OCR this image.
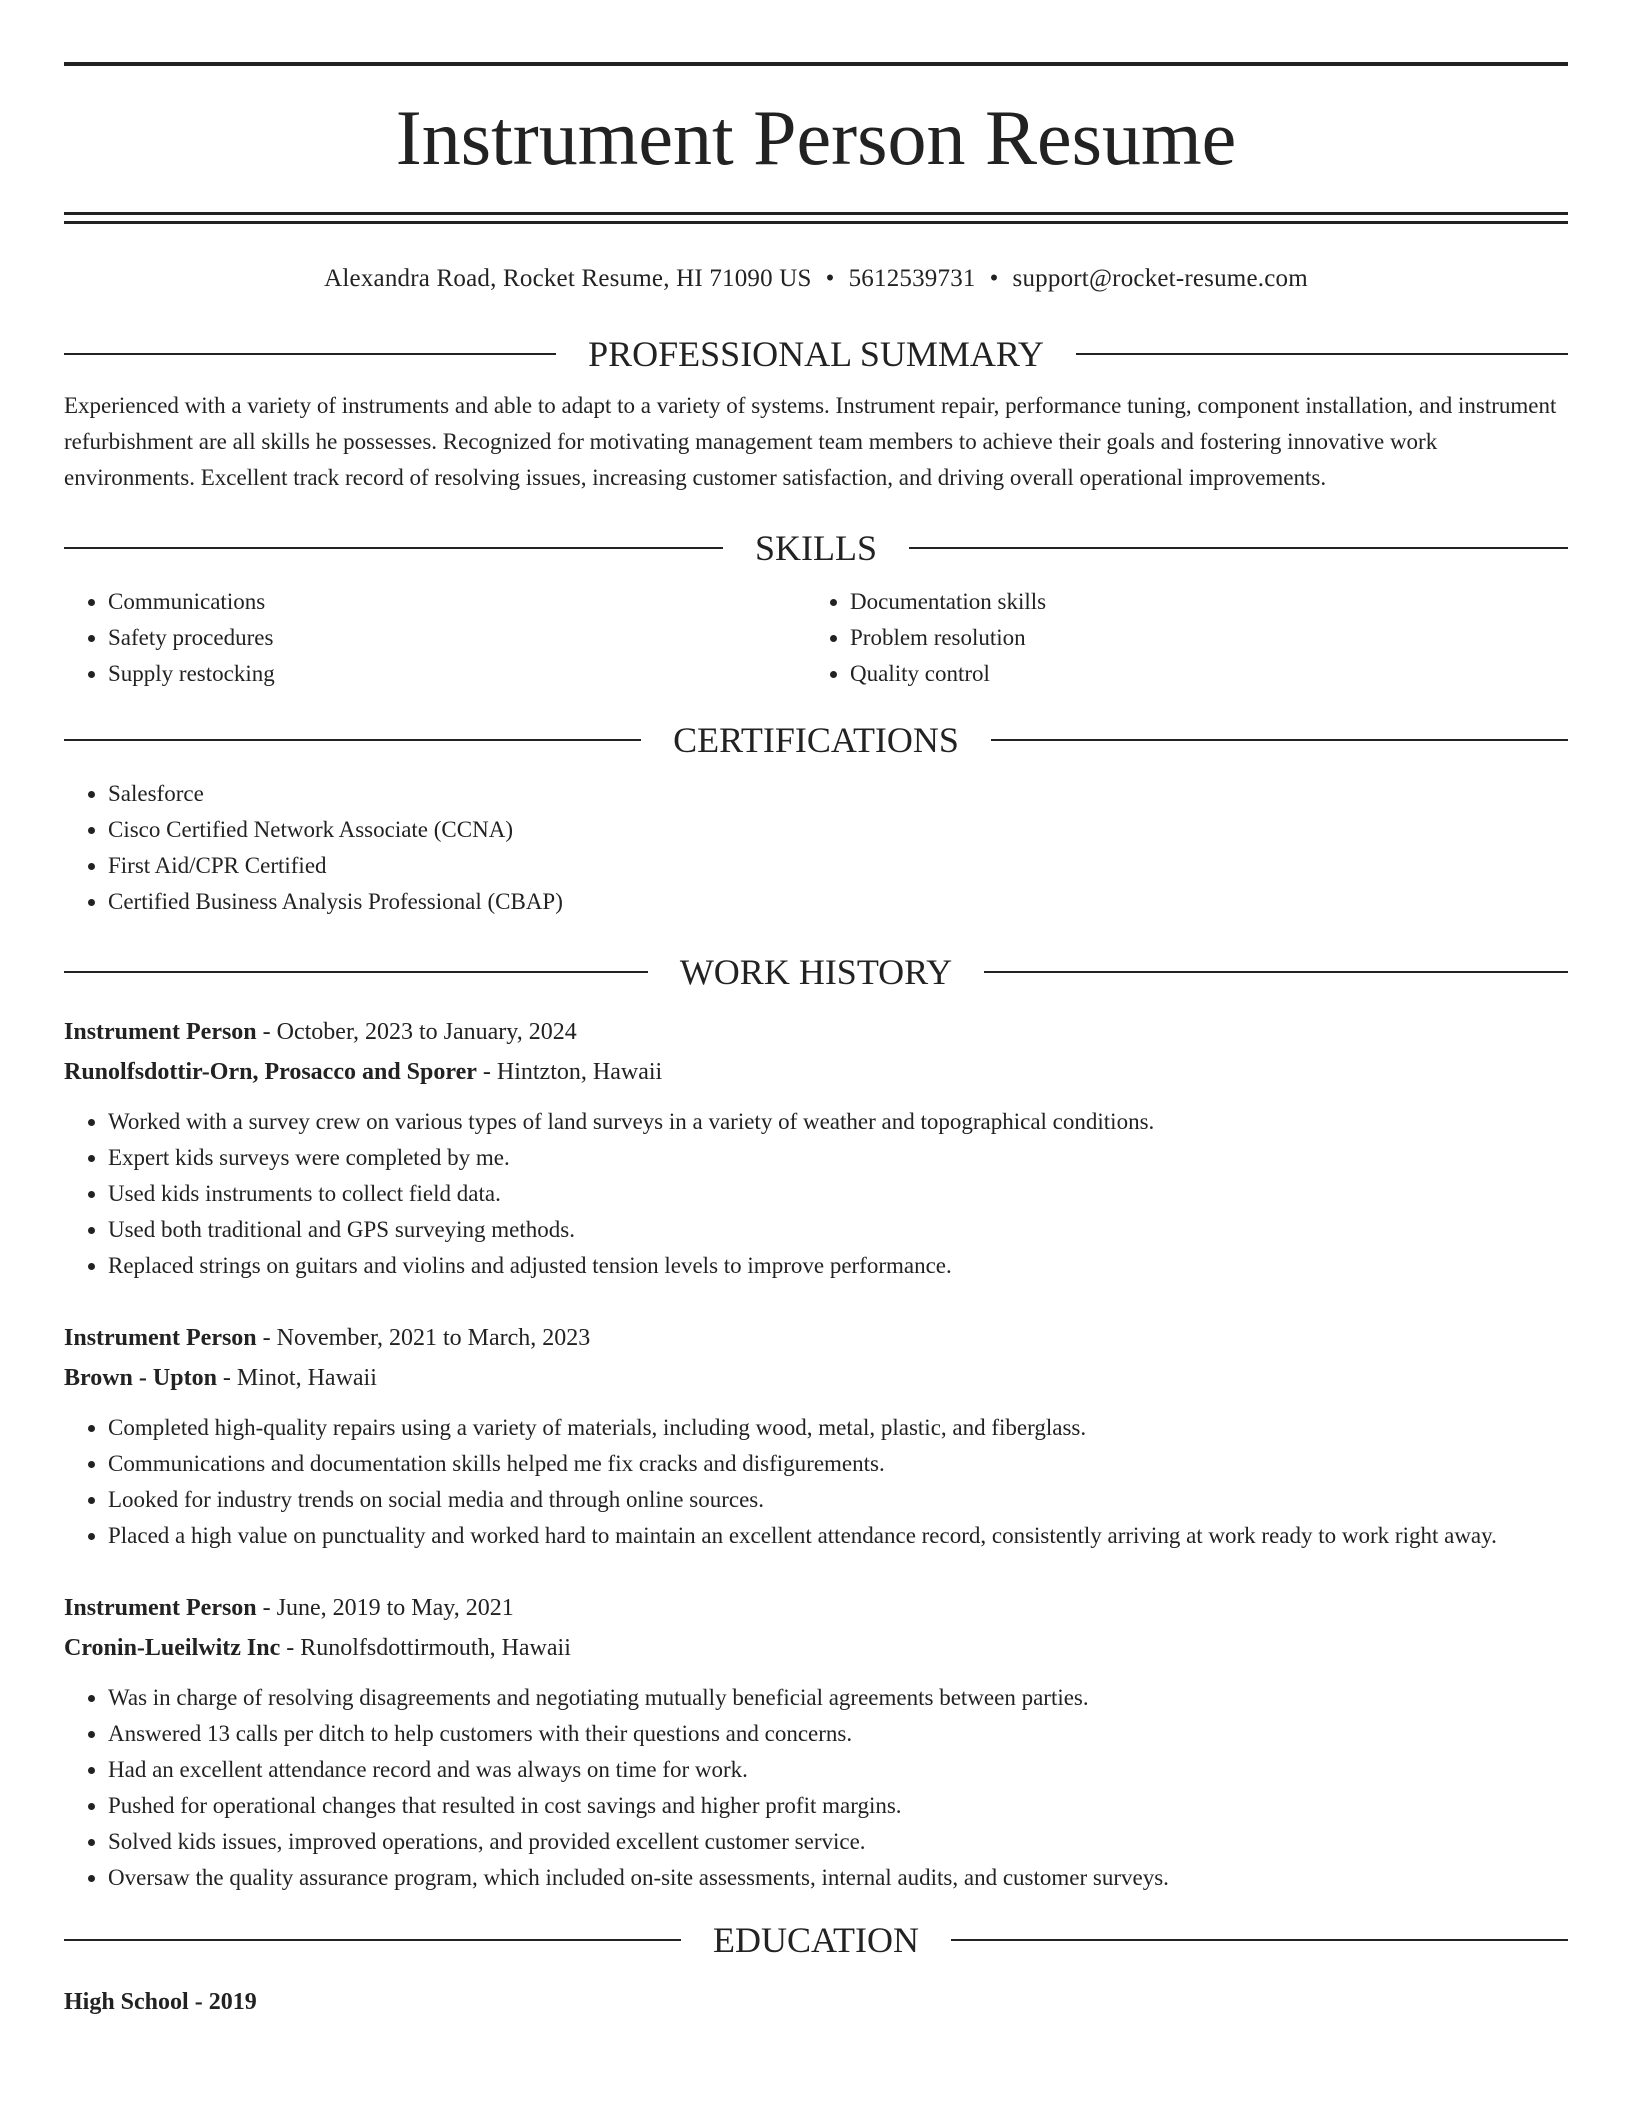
Instrument Person Resume
Alexandra Road, Rocket Resume, HI 71090 US • 5612539731 • support@rocket-resume.com
PROFESSIONAL SUMMARY
Experienced with a variety of instruments and able to adapt to a variety of systems. Instrument repair, performance tuning, component installation, and instrument refurbishment are all skills he possesses. Recognized for motivating management team members to achieve their goals and fostering innovative work environments. Excellent track record of resolving issues, increasing customer satisfaction, and driving overall operational improvements.
SKILLS
• Communications
• Safety procedures
• Supply restocking
• Documentation skills
• Problem resolution
• Quality control
CERTIFICATIONS
• Salesforce
• Cisco Certified Network Associate (CCNA)
• First Aid/CPR Certified
• Certified Business Analysis Professional (CBAP)
WORK HISTORY
Instrument Person - October, 2023 to January, 2024
Runolfsdottir-Orn, Prosacco and Sporer - Hintzton, Hawaii
• Worked with a survey crew on various types of land surveys in a variety of weather and topographical conditions.
• Expert kids surveys were completed by me.
• Used kids instruments to collect field data.
• Used both traditional and GPS surveying methods.
• Replaced strings on guitars and violins and adjusted tension levels to improve performance.
Instrument Person - November, 2021 to March, 2023
Brown - Upton - Minot, Hawaii
• Completed high-quality repairs using a variety of materials, including wood, metal, plastic, and fiberglass.
• Communications and documentation skills helped me fix cracks and disfigurements.
• Looked for industry trends on social media and through online sources.
• Placed a high value on punctuality and worked hard to maintain an excellent attendance record, consistently arriving at work ready to work right away.
Instrument Person - June, 2019 to May, 2021
Cronin-Lueilwitz Inc - Runolfsdottirmouth, Hawaii
• Was in charge of resolving disagreements and negotiating mutually beneficial agreements between parties.
• Answered 13 calls per ditch to help customers with their questions and concerns.
• Had an excellent attendance record and was always on time for work.
• Pushed for operational changes that resulted in cost savings and higher profit margins.
• Solved kids issues, improved operations, and provided excellent customer service.
• Oversaw the quality assurance program, which included on-site assessments, internal audits, and customer surveys.
EDUCATION
High School - 2019
